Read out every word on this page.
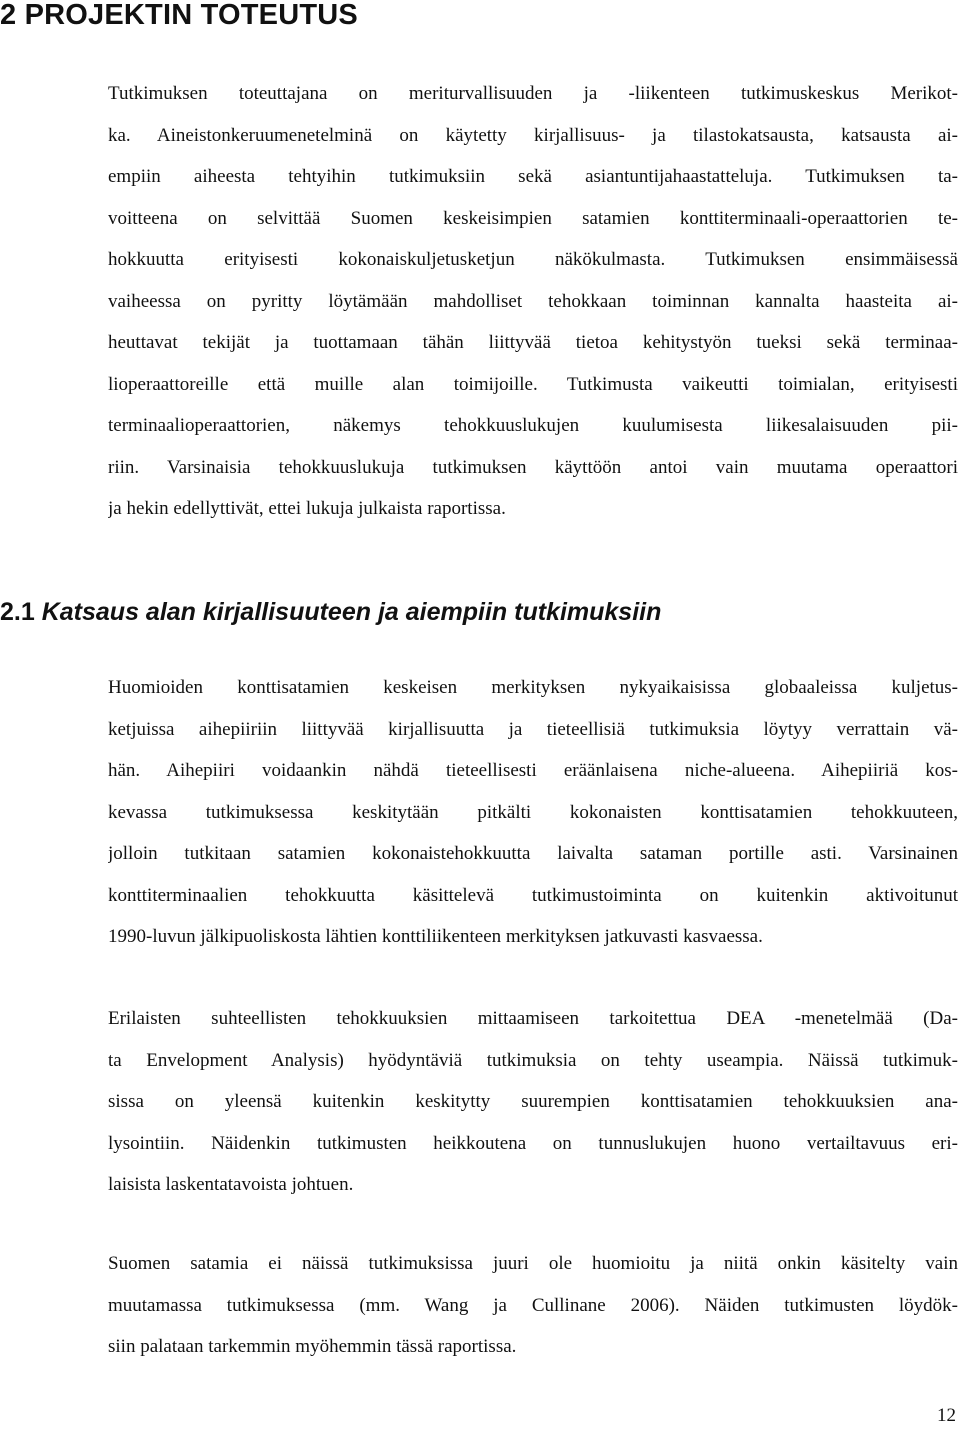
2 PROJEKTIN TOTEUTUS
Tutkimuksen toteuttajana on meriturvallisuuden ja -liikenteen tutkimuskeskus Merikot-
ka. Aineistonkeruumenetelminä on käytetty kirjallisuus- ja tilastokatsausta, katsausta ai-
empiin aiheesta tehtyihin tutkimuksiin sekä asiantuntijahaastatteluja. Tutkimuksen ta-
voitteena on selvittää Suomen keskeisimpien satamien konttiterminaali-operaattorien te-
hokkuutta erityisesti kokonaiskuljetusketjun näkökulmasta. Tutkimuksen ensimmäisessä
vaiheessa on pyritty löytämään mahdolliset tehokkaan toiminnan kannalta haasteita ai-
heuttavat tekijät ja tuottamaan tähän liittyvää tietoa kehitystyön tueksi sekä terminaa-
lioperaattoreille että muille alan toimijoille. Tutkimusta vaikeutti toimialan, erityisesti
terminaalioperaattorien, näkemys tehokkuuslukujen kuulumisesta liikesalaisuuden pii-
riin. Varsinaisia tehokkuuslukuja tutkimuksen käyttöön antoi vain muutama operaattori
ja hekin edellyttivät, ettei lukuja julkaista raportissa.
2.1 Katsaus alan kirjallisuuteen ja aiempiin tutkimuksiin
Huomioiden konttisatamien keskeisen merkityksen nykyaikaisissa globaaleissa kuljetus-
ketjuissa aihepiiriin liittyvää kirjallisuutta ja tieteellisiä tutkimuksia löytyy verrattain vä-
hän. Aihepiiri voidaankin nähdä tieteellisesti eräänlaisena niche-alueena. Aihepiiriä kos-
kevassa tutkimuksessa keskitytään pitkälti kokonaisten konttisatamien tehokkuuteen,
jolloin tutkitaan satamien kokonaistehokkuutta laivalta sataman portille asti. Varsinainen
konttiterminaalien tehokkuutta käsittelevä tutkimustoiminta on kuitenkin aktivoitunut
1990-luvun jälkipuoliskosta lähtien konttiliikenteen merkityksen jatkuvasti kasvaessa.
Erilaisten suhteellisten tehokkuuksien mittaamiseen tarkoitettua DEA -menetelmää (Da-
ta Envelopment Analysis) hyödyntäviä tutkimuksia on tehty useampia. Näissä tutkimuk-
sissa on yleensä kuitenkin keskitytty suurempien konttisatamien tehokkuuksien ana-
lysointiin. Näidenkin tutkimusten heikkoutena on tunnuslukujen huono vertailtavuus eri-
laisista laskentatavoista johtuen.
Suomen satamia ei näissä tutkimuksissa juuri ole huomioitu ja niitä onkin käsitelty vain
muutamassa tutkimuksessa (mm. Wang ja Cullinane 2006). Näiden tutkimusten löydök-
siin palataan tarkemmin myöhemmin tässä raportissa.
12
